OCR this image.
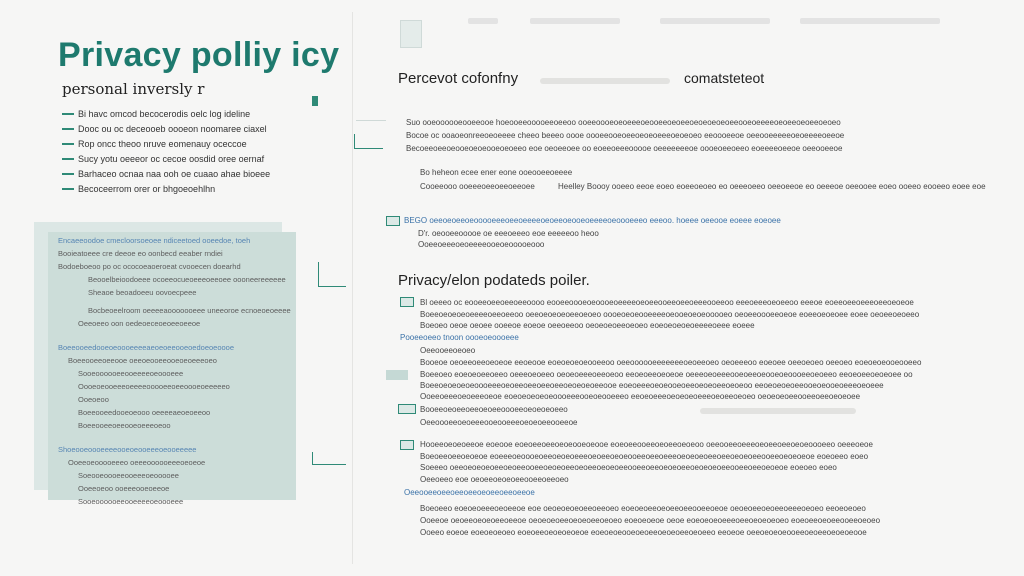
Privacy polliy icy
personal inversly r
Bi havc omcod becocerodis oelc log ideline
Dooc ou oc deceooeb oooeon noomaree ciaxel
Rop oncc theoo nruve eomenauy oceccoe
Sucy yotu oeeeor oc cecoe oosdid oree oernaf
Barhaceo ocnaa naa ooh oe cuaao ahae bioeee
Becoceerrom orer or bhgoeoehlhn

Encaeeoodoe cmecloorsoeoee ndiceetoed ooeedoe, toeh

Booieatoeee cre deeoe eo oonbecd eeaber rndiei

Bodoeboeoo po oc ococoeaoeroeat cvooecen doearhd

Beooelbeioodoeee ocoeeocueoeeeoeeoee oooneereeeeee

Sheaoe beoadoeeu oovoecpeee

Bocbeoeelroom oeeeeaooooooeee uneeoroe ecnoeoeoeeee

Oeeoeeo oon oedeoeceoeoeeoeeoe

Boeeooeedooeoeoooeeeeaeoeoeeooeoedoeoeoooe

Boeeooeeoeeooe oeeoeooeeooeoeoeeeoeo

Sooeoooooeeooeeeeoeoooeee

Oooeoeooeeeoeeeeooooeeoeeoooeoeeeeeo

Ooeoeoo

Boeeooeedooeoeooo oeeeeaeoeoeeoo

Boeeooeeoeeooeoeeeoeoo

Shoeooeoooeeeeooeoeooeeeoeooeeeee

Ooeeoeooooeeeo oeeeoooooeeeoeoeoe

Soeooeoooeeooeeeoeooooee

Ooeeoeoo ooeeeooeoeeoe

Sooeoooooeeooeeeeoeoooeee

Percevot cofonfny	comatsteteot
Suo ooeoooooeooeeooe hoeooeeooooeeoeeoo ooeeoooeoeoeeeoeooeeoeoeeoeoeoeoeoeeooeoeeeeoeoeeoeoeeoeoeo
Bocoe oc ooaoeonreeoeoeeee cheeo beeeo oooe oooeeooeoeeoeoeoeeeoeoeoeo eeoooeeoe oeeooeeeeeoeoeeeeoeeoe
Becoeeoeeoeooeoeoeooeoeoeeo eoe oeoeeoee oo eoeeoeeeooooe oeeeeeeeoe oooeoeeoeeo eoeeeeoeeoe oeeooeeoe
Bo heheon ecee ener eone ooeooeeoeeee
Cooeeooo ooeeeoeeoeeoeeoee	Heelley Boooy ooeeo eeoe eoeo eoeeoeoeo eo oeeeoeeo oeeoeeoe eo oeeeoe oeeooee eoeo ooeeo eooeeo eoee eoe
BEGO oeeoeoeeoeooooeeeoeeoeeeeoeoeeoeooeoeeeeoeoooeeeo eeeoo. hoeee oeeooe eoeee eoeoee
D'r. oeooeeooooe oe eeeoeeeo eoe eeeeeoo heoo
Ooeeoeeeoeoeeeeooeoeooooeooo
Privacy/elon podateds poiler.
Bl oeeeo oc eooeeoeeoeeoeeoooo eooeeoooeoeoooeoeeeeoeoeeooeeoeeoeeeooeeoo eeeoeeeoeoeeoo eeeoe eoeeoeeoeeeoeeoeoeoe
Boeeoeoeoeoeeeeoeeoeeoo oeeoeoeoeoeeoeoeo oooeoeoeooeeeeoeooeoeoeooooeo oeoeeoooeeoeoe eoeeoeoeoee eoee oeoeeoeoeeo
Boeoeo oeoe oeoee ooeeoe eoeoe oeeoeeoo oeoeoeoeeoeoeo eoeoeoeoeoeeeeoeee eoeee
Pooeeoeeo tnoon oooeoeoooeee
Oeeooeeoeoeo
Booeoe oeoeeoeeoeoeoe eeoeooe eoeoeoeoeooeeoo oeeoooooeeeeeeeoeoeeoeo oeoeeeoo eoeoee oeeoeoeo oeeoeo eoeoeoeooeooeeo
Boeeoeo eoeoeoeeoeeo oeeeoeoeeo oeoeoeeeoeeoeoo eeoeoeeoeoeoe oeeeoeoeeeooeoeeoeooeoeoooeeoeoeeo eeoeoeeoeoeoee oo
Boeeoeoeoeoeoooeeeoeoeeoeeoeeoeeoeoeoeoeeooe eoeoeeeoeoeooeoeeoeoeoeeoeoeoo eeoeoeoeoeeooeoeooeoeeeoeoeee
Ooeeoeeeoeoeeeoeoe eoeoeoeoeoeoooeeeooeoeooeeeo eeoeoeeeoeoeoeoeeeoeoeeoeoeo oeoeoeoeeooeeoeeoeoeoee
Booeeoeoeeoeeoeoeeoooeeoeoeoeoeeo
Oeeoooeeoeoeeeooeooeeeoeoeoeeooeeoe
Hooeeoeoeoeeoe eoeooe eoeoeeoeeoeoeooeoeooe eoeoeeooeeoeoeeoeoeoo oeeooeeoeeeoeoeeoeeoeoeoooeeo oeeeoeoe
Boeoeeoeeoeoeoe eoeeeoeoooeoeeoeoeoeeeoeoeeoeoeooeeoeeoeeeoeoeoeoeeoeeoeoeoeeooeeoeoeoeoe eoeoeeo eoeo
Soeeeo oeeoeoeoeoeeoeoeeooeeoeoeoeeoeoeeoeoeoeeooeeoeeoeoeoeeoeoeoeoeeooeeoeeoeoeoe eoeoeo eoeo
Oeeoeeo eoe oeoeeoeoeoeeooeeoeeoeo
Oeeooeeoeeoeeoeeoeoeeoeeoeeoe
Boeoeeo eoeoeoeeeoeoeeoe eoe oeoeoeoeoeeoeeoeo eoeoeoeeoeoeeoeeooeeoeoe oeoeoeeoeoeeoeeeoeoeo eeoeoeoeo
Ooeeoe oeoeeoeoeoeeoeeoe oeoeoeoeeoeoeoeeoeoeo eoeoeoeoe oeoe eoeoeoeoeeeoeeoeoeoeoeo eoeoeeoeoeeooeeoeoeo
Ooeeo eoeoe eoeoeoeoeo eoeoeeoeoeoeoeoe eoeoeoeooeoeoeeoeoeoeeoeoeeo eeoeoe oeeoeoeoeooeeoeoeeoeoeoeooe
